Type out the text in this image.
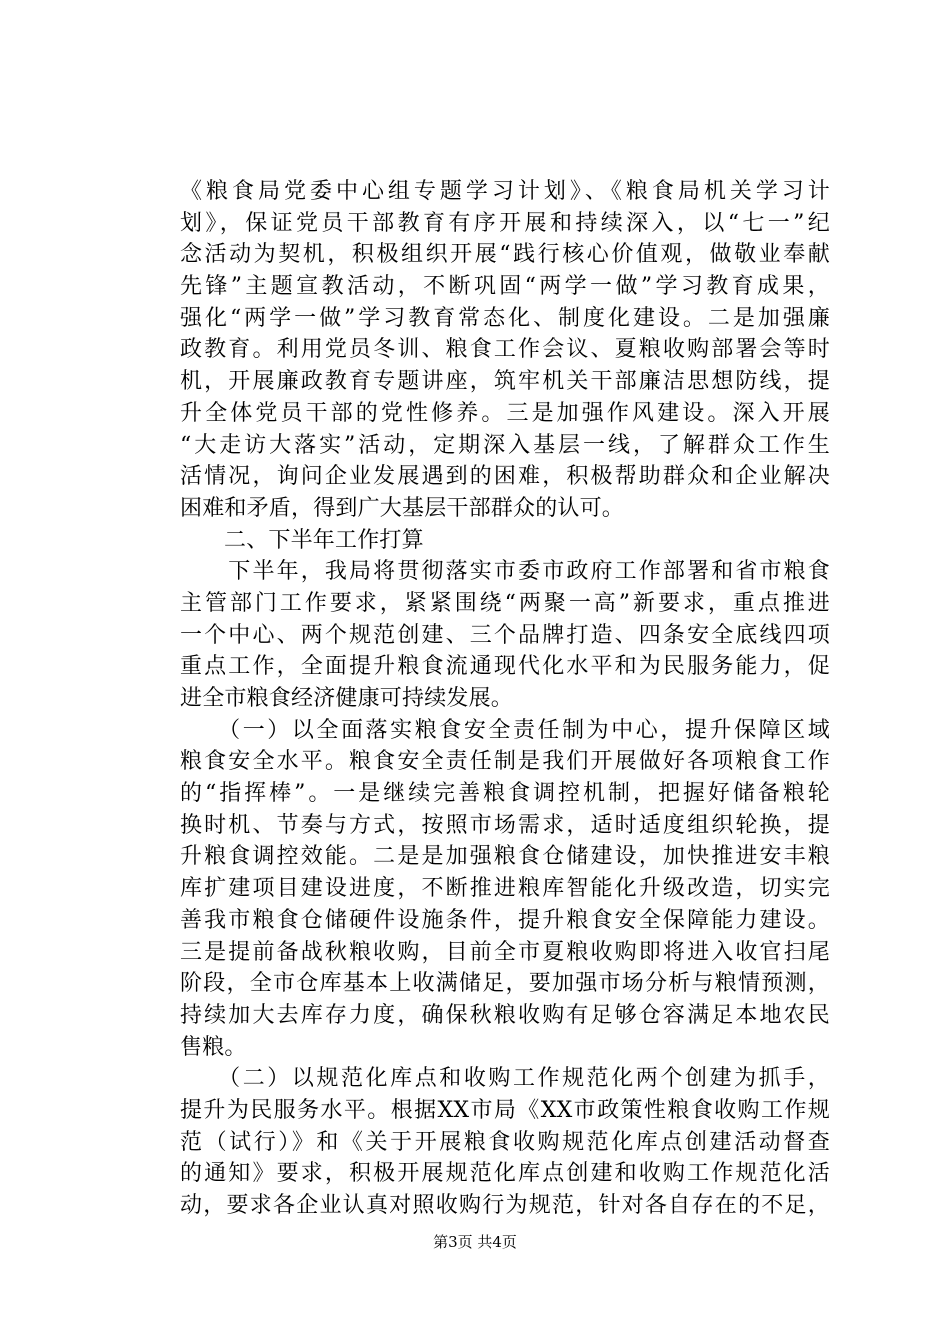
《粮食局党委中心组专题学习计划》、《粮食局机关学习计
划》，保证党员干部教育有序开展和持续深入，以“七一”纪
念活动为契机，积极组织开展“践行核心价值观，做敬业奉献
先锋”主题宣教活动，不断巩固“两学一做”学习教育成果，
强化“两学一做”学习教育常态化、制度化建设。二是加强廉
政教育。利用党员冬训、粮食工作会议、夏粮收购部署会等时
机，开展廉政教育专题讲座，筑牢机关干部廉洁思想防线，提
升全体党员干部的党性修养。三是加强作风建设。深入开展
“大走访大落实”活动，定期深入基层一线，了解群众工作生
活情况，询问企业发展遇到的困难，积极帮助群众和企业解决
困难和矛盾，得到广大基层干部群众的认可。
二、下半年工作打算
　　下半年，我局将贯彻落实市委市政府工作部署和省市粮食
主管部门工作要求，紧紧围绕“两聚一高”新要求，重点推进
一个中心、两个规范创建、三个品牌打造、四条安全底线四项
重点工作，全面提升粮食流通现代化水平和为民服务能力，促
进全市粮食经济健康可持续发展。
　　（一）以全面落实粮食安全责任制为中心，提升保障区域
粮食安全水平。粮食安全责任制是我们开展做好各项粮食工作
的“指挥棒”。一是继续完善粮食调控机制，把握好储备粮轮
换时机、节奏与方式，按照市场需求，适时适度组织轮换，提
升粮食调控效能。二是是加强粮食仓储建设，加快推进安丰粮
库扩建项目建设进度，不断推进粮库智能化升级改造，切实完
善我市粮食仓储硬件设施条件，提升粮食安全保障能力建设。
三是提前备战秋粮收购，目前全市夏粮收购即将进入收官扫尾
阶段，全市仓库基本上收满储足，要加强市场分析与粮情预测，
持续加大去库存力度，确保秋粮收购有足够仓容满足本地农民
售粮。
　　（二）以规范化库点和收购工作规范化两个创建为抓手，
提升为民服务水平。根据XX市局《XX市政策性粮食收购工作规
范（试行）》和《关于开展粮食收购规范化库点创建活动督查
的通知》要求，积极开展规范化库点创建和收购工作规范化活
动，要求各企业认真对照收购行为规范，针对各自存在的不足，
第3页 共4页
